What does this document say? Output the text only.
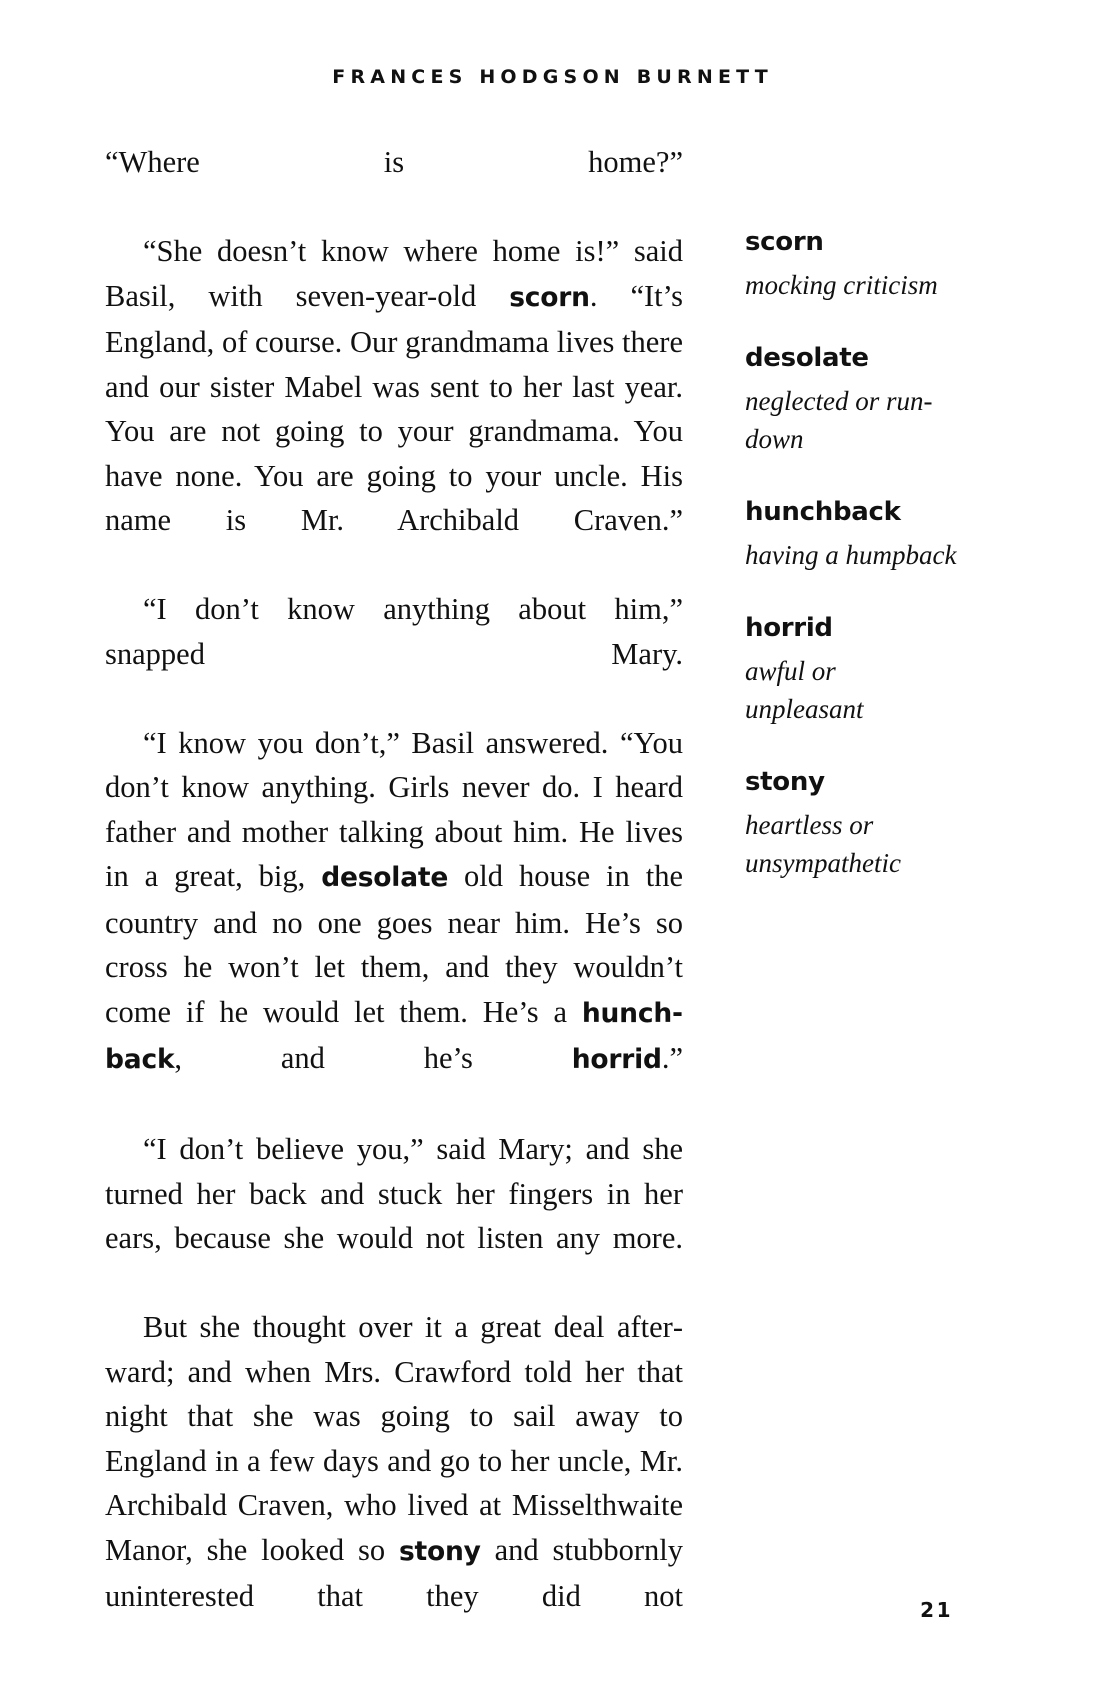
FRANCES HODGSON BURNETT

“Where is home?”

“She doesn’t know where home is!” said Basil, with seven-year-old scorn. “It’s England, of course. Our grandmama lives there and our sister Mabel was sent to her last year. You are not going to your grandmama. You have none. You are going to your uncle. His name is Mr. Archibald Craven.”

“I don’t know anything about him,” snapped Mary.

“I know you don’t,” Basil answered. “You don’t know anything. Girls never do. I heard father and mother talking about him. He lives in a great, big, desolate old house in the country and no one goes near him. He’s so cross he won’t let them, and they wouldn’t come if he would let them. He’s a hunchback, and he’s horrid.”

“I don’t believe you,” said Mary; and she turned her back and stuck her fingers in her ears, because she would not listen any more.

But she thought over it a great deal afterward; and when Mrs. Crawford told her that night that she was going to sail away to England in a few days and go to her uncle, Mr. Archibald Craven, who lived at Misselthwaite Manor, she looked so stony and stubbornly uninterested that they did not

scorn
mocking criticism
desolate
neglected or run-down
hunchback
having a humpback
horrid
awful or unpleasant
stony
heartless or unsympathetic
21
